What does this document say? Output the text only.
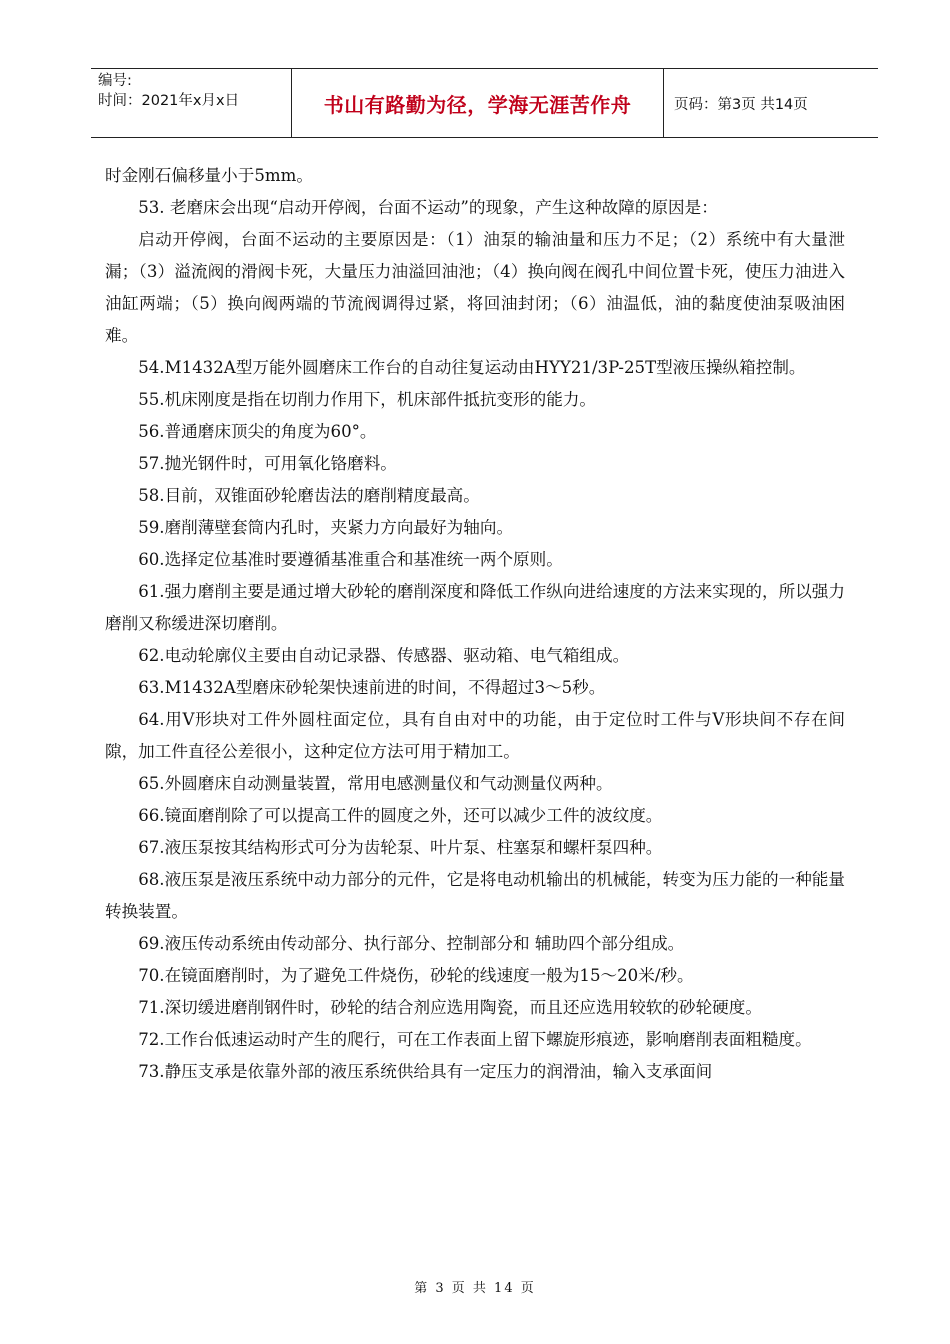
编号:
时间：2021年x月x日	书山有路勤为径，学海无涯苦作舟	页码：第3页 共14页

时金刚石偏移量小于5mm。

53. 老磨床会出现“启动开停阀，台面不运动”的现象，产生这种故障的原因是：

启动开停阀，台面不运动的主要原因是：（1）油泵的输油量和压力不足；（2）系统中有大量泄漏；（3）溢流阀的滑阀卡死，大量压力油溢回油池；（4）换向阀在阀孔中间位置卡死，使压力油进入油缸两端；（5）换向阀两端的节流阀调得过紧，将回油封闭；（6）油温低，油的黏度使油泵吸油困难。

54.M1432A型万能外圆磨床工作台的自动往复运动由HYY21/3P-25T型液压操纵箱控制。

55.机床刚度是指在切削力作用下，机床部件抵抗变形的能力。

56.普通磨床顶尖的角度为60°。

57.抛光钢件时，可用氧化铬磨料。

58.目前，双锥面砂轮磨齿法的磨削精度最高。

59.磨削薄壁套筒内孔时，夹紧力方向最好为轴向。

60.选择定位基准时要遵循基准重合和基准统一两个原则。

61.强力磨削主要是通过增大砂轮的磨削深度和降低工作纵向进给速度的方法来实现的，所以强力磨削又称缓进深切磨削。

62.电动轮廓仪主要由自动记录器、传感器、驱动箱、电气箱组成。

63.M1432A型磨床砂轮架快速前进的时间，不得超过3～5秒。

64.用V形块对工件外圆柱面定位，具有自由对中的功能，由于定位时工件与V形块间不存在间隙，加工件直径公差很小，这种定位方法可用于精加工。

65.外圆磨床自动测量装置，常用电感测量仪和气动测量仪两种。

66.镜面磨削除了可以提高工件的圆度之外，还可以减少工件的波纹度。

67.液压泵按其结构形式可分为齿轮泵、叶片泵、柱塞泵和螺杆泵四种。

68.液压泵是液压系统中动力部分的元件，它是将电动机输出的机械能，转变为压力能的一种能量转换装置。

69.液压传动系统由传动部分、执行部分、控制部分和 辅助四个部分组成。

70.在镜面磨削时，为了避免工件烧伤，砂轮的线速度一般为15～20米/秒。

71.深切缓进磨削钢件时，砂轮的结合剂应选用陶瓷，而且还应选用较软的砂轮硬度。

72.工作台低速运动时产生的爬行，可在工作表面上留下螺旋形痕迹，影响磨削表面粗糙度。

73.静压支承是依靠外部的液压系统供给具有一定压力的润滑油，输入支承面间

第 3 页 共 14 页
